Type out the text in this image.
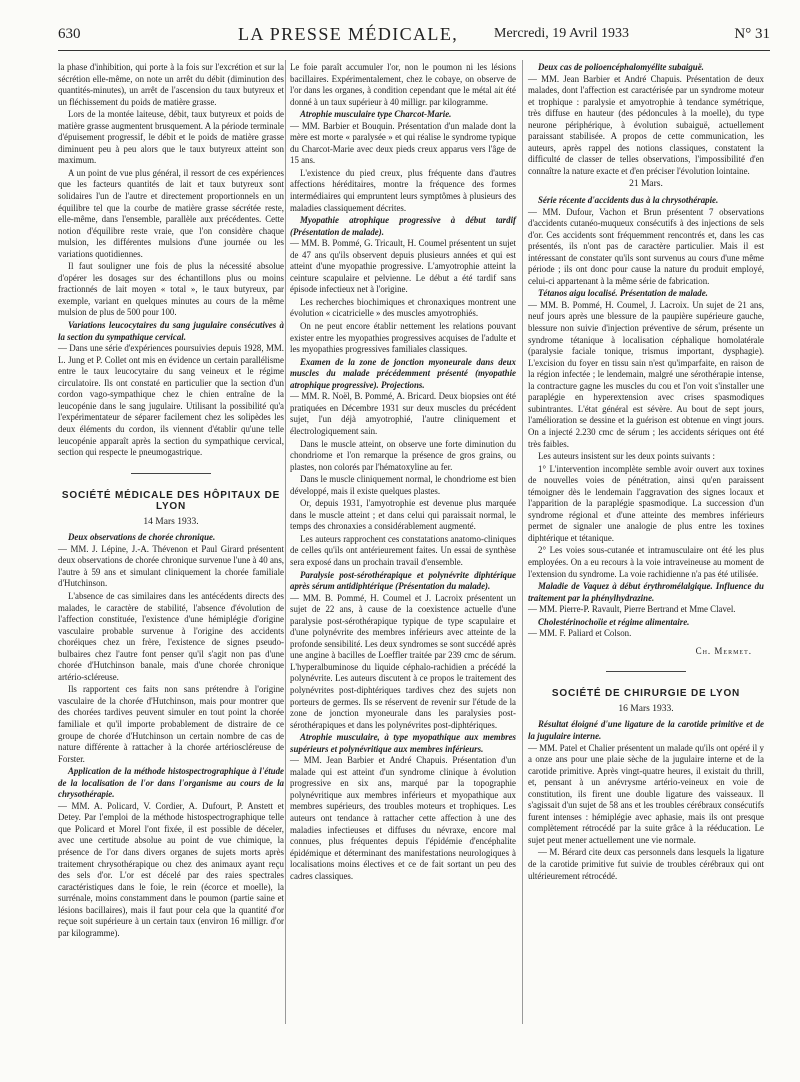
630	LA PRESSE MÉDICALE,	Mercredi, 19 Avril 1933	N° 31

la phase d'inhibition, qui porte à la fois sur l'excrétion et sur la sécrétion elle-même, on note un arrêt du débit (diminution des quantités-minutes), un arrêt de l'ascension du taux butyreux et un fléchissement du poids de matière grasse.

Lors de la montée laiteuse, débit, taux butyreux et poids de matière grasse augmentent brusquement. A la période terminale d'épuisement progressif, le débit et le poids de matière grasse diminuent peu à peu alors que le taux butyreux atteint son maximum.

A un point de vue plus général, il ressort de ces expériences que les facteurs quantités de lait et taux butyreux sont solidaires l'un de l'autre et directement proportionnels en un équilibre tel que la courbe de matière grasse sécrétée reste, elle-même, dans l'ensemble, parallèle aux précédentes. Cette notion d'équilibre reste vraie, que l'on considère chaque mulsion, les différentes mulsions d'une journée ou les variations quotidiennes.

Il faut souligner une fois de plus la nécessité absolue d'opérer les dosages sur des échantillons plus ou moins fractionnés de lait moyen « total », le taux butyreux, par exemple, variant en quelques minutes au cours de la même mulsion de plus de 500 pour 100.

Variations leucocytaires du sang jugulaire consécutives à la section du sympathique cervical.

— Dans une série d'expériences poursuivies depuis 1928, MM. L. Jung et P. Collet ont mis en évidence un certain parallélisme entre le taux leucocytaire du sang veineux et le régime circulatoire. Ils ont constaté en particulier que la section d'un cordon vago-sympathique chez le chien entraîne de la leucopénie dans le sang jugulaire. Utilisant la possibilité qu'a l'expérimentateur de séparer facilement chez les solipèdes les deux éléments du cordon, ils viennent d'établir qu'une telle leucopénie apparaît après la section du sympathique cervical, section qui respecte le pneumogastrique.

SOCIÉTÉ MÉDICALE DES HÔPITAUX DE LYON
14 Mars 1933.
Deux observations de chorée chronique.

— MM. J. Lépine, J.-A. Thévenon et Paul Girard présentent deux observations de chorée chronique survenue l'une à 40 ans, l'autre à 59 ans et simulant cliniquement la chorée familiale d'Hutchinson.

L'absence de cas similaires dans les antécédents directs des malades, le caractère de stabilité, l'absence d'évolution de l'affection constituée, l'existence d'une hémiplégie d'origine vasculaire probable survenue à l'origine des accidents choréiques chez un frère, l'existence de signes pseudo-bulbaires chez l'autre font penser qu'il s'agit non pas d'une chorée d'Hutchinson banale, mais d'une chorée chronique artério-scléreuse.

Ils rapportent ces faits non sans prétendre à l'origine vasculaire de la chorée d'Hutchinson, mais pour montrer que des chorées tardives peuvent simuler en tout point la chorée familiale et qu'il importe probablement de distraire de ce groupe de chorée d'Hutchinson un certain nombre de cas de nature différente à rattacher à la chorée artérioscléreuse de Forster.

Application de la méthode histospectrographique à l'étude de la localisation de l'or dans l'organisme au cours de la chrysothérapie.

— MM. A. Policard, V. Cordier, A. Dufourt, P. Anstett et Detey. Par l'emploi de la méthode histospectrographique telle que Policard et Morel l'ont fixée, il est possible de déceler, avec une certitude absolue au point de vue chimique, la présence de l'or dans divers organes de sujets morts après traitement chrysothérapique ou chez des animaux ayant reçu des sels d'or. L'or est décelé par des raies spectrales caractéristiques dans le foie, le rein (écorce et moelle), la surrénale, moins constamment dans le poumon (partie saine et lésions bacillaires), mais il faut pour cela que la quantité d'or reçue soit supérieure à un certain taux (environ 16 milligr. d'or par kilogramme).

Le foie paraît accumuler l'or, non le poumon ni les lésions bacillaires. Expérimentalement, chez le cobaye, on observe de l'or dans les organes, à condition cependant que le métal ait été donné à un taux supérieur à 40 milligr. par kilogramme.

Atrophie musculaire type Charcot-Marie.

— MM. Barbier et Bouquin. Présentation d'un malade dont la mère est morte « paralysée » et qui réalise le syndrome typique du Charcot-Marie avec deux pieds creux apparus vers l'âge de 15 ans.

L'existence du pied creux, plus fréquente dans d'autres affections héréditaires, montre la fréquence des formes intermédiaires qui empruntent leurs symptômes à plusieurs des maladies classiquement décrites.

Myopathie atrophique progressive à début tardif (Présentation de malade).

— MM. B. Pommé, G. Tricault, H. Coumel présentent un sujet de 47 ans qu'ils observent depuis plusieurs années et qui est atteint d'une myopathie progressive. L'amyotrophie atteint la ceinture scapulaire et pelvienne. Le début a été tardif sans épisode infectieux net à l'origine.

Les recherches biochimiques et chronaxiques montrent une évolution « cicatricielle » des muscles amyotrophiés.

On ne peut encore établir nettement les relations pouvant exister entre les myopathies progressives acquises de l'adulte et les myopathies progressives familiales classiques.

Examen de la zone de jonction myoneurale dans deux muscles du malade précédemment présenté (myopathie atrophique progressive). Projections.

— MM. R. Noël, B. Pommé, A. Bricard. Deux biopsies ont été pratiquées en Décembre 1931 sur deux muscles du précédent sujet, l'un déjà amyotrophié, l'autre cliniquement et électrologiquement sain.

Dans le muscle atteint, on observe une forte diminution du chondriome et l'on remarque la présence de gros grains, ou plastes, non colorés par l'hématoxyline au fer.

Dans le muscle cliniquement normal, le chondriome est bien développé, mais il existe quelques plastes.

Or, depuis 1931, l'amyotrophie est devenue plus marquée dans le muscle atteint ; et dans celui qui paraissait normal, le temps des chronaxies a considérablement augmenté.

Les auteurs rapprochent ces constatations anatomo-cliniques de celles qu'ils ont antérieurement faites. Un essai de synthèse sera exposé dans un prochain travail d'ensemble.

Paralysie post-sérothérapique et polynévrite diphtérique après sérum antidiphtérique (Présentation du malade).

— MM. B. Pommé, H. Coumel et J. Lacroix présentent un sujet de 22 ans, à cause de la coexistence actuelle d'une paralysie post-sérothérapique typique de type scapulaire et d'une polynévrite des membres inférieurs avec atteinte de la profonde sensibilité. Les deux syndromes se sont succédé après une angine à bacilles de Loeffler traitée par 239 cmc de sérum. L'hyperalbuminose du liquide céphalo-rachidien a précédé la polynévrite. Les auteurs discutent à ce propos le traitement des polynévrites post-diphtériques tardives chez des sujets non porteurs de germes. Ils se réservent de revenir sur l'étude de la zone de jonction myoneurale dans les paralysies post-sérothérapiques et dans les polynévrites post-diphtériques.

Atrophie musculaire, à type myopathique aux membres supérieurs et polynévritique aux membres inférieurs.

— MM. Jean Barbier et André Chapuis. Présentation d'un malade qui est atteint d'un syndrome clinique à évolution progressive en six ans, marqué par la topographie polynévritique aux membres inférieurs et myopathique aux membres supérieurs, des troubles moteurs et trophiques. Les auteurs ont tendance à rattacher cette affection à une des maladies infectieuses et diffuses du névraxe, encore mal connues, plus fréquentes depuis l'épidémie d'encéphalite épidémique et déterminant des manifestations neurologiques à localisations moins électives et ce de fait sortant un peu des cadres classiques.

Deux cas de polioencéphalomyélite subaiguë.

— MM. Jean Barbier et André Chapuis. Présentation de deux malades, dont l'affection est caractérisée par un syndrome moteur et trophique : paralysie et amyotrophie à tendance symétrique, très diffuse en hauteur (des pédoncules à la moelle), du type neurone périphérique, à évolution subaiguë, actuellement paraissant stabilisée. A propos de cette communication, les auteurs, après rappel des notions classiques, constatent la difficulté de classer de telles observations, l'impossibilité d'en connaître la nature exacte et d'en préciser l'évolution lointaine.

21 Mars.
Série récente d'accidents dus à la chrysothérapie.

— MM. Dufour, Vachon et Brun présentent 7 observations d'accidents cutanéo-muqueux consécutifs à des injections de sels d'or. Ces accidents sont fréquemment rencontrés et, dans les cas présentés, ils n'ont pas de caractère particulier. Mais il est intéressant de constater qu'ils sont survenus au cours d'une même période ; ils ont donc pour cause la nature du produit employé, celui-ci appartenant à la même série de fabrication.

Tétanos aigu localisé. Présentation de malade.

— MM. B. Pommé, H. Coumel, J. Lacroix. Un sujet de 21 ans, neuf jours après une blessure de la paupière supérieure gauche, blessure non suivie d'injection préventive de sérum, présente un syndrome tétanique à localisation céphalique homolatérale (paralysie faciale tonique, trismus important, dysphagie). L'excision du foyer en tissu sain n'est qu'imparfaite, en raison de la région infectée ; le lendemain, malgré une sérothérapie intense, la contracture gagne les muscles du cou et l'on voit s'installer une paraplégie en hyperextension avec crises spasmodiques subintrantes. L'état général est sévère. Au bout de sept jours, l'amélioration se dessine et la guérison est obtenue en vingt jours. On a injecté 2.230 cmc de sérum ; les accidents sériques ont été très faibles.

Les auteurs insistent sur les deux points suivants :

1° L'intervention incomplète semble avoir ouvert aux toxines de nouvelles voies de pénétration, ainsi qu'en paraissent témoigner dès le lendemain l'aggravation des signes locaux et l'apparition de la paraplégie spasmodique. La succession d'un syndrome régional et d'une atteinte des membres inférieurs permet de signaler une analogie de plus entre les toxines diphtérique et tétanique.

2° Les voies sous-cutanée et intramusculaire ont été les plus employées. On a eu recours à la voie intraveineuse au moment de l'extension du syndrome. La voie rachidienne n'a pas été utilisée.

Maladie de Vaquez à début érythromélalgique. Influence du traitement par la phénylhydrazine.

— MM. Pierre-P. Ravault, Pierre Bertrand et Mme Clavel.

Cholestérinochoïie et régime alimentaire.

— MM. F. Paliard et Colson.

Ch. Mermet.
SOCIÉTÉ DE CHIRURGIE DE LYON
16 Mars 1933.
Résultat éloigné d'une ligature de la carotide primitive et de la jugulaire interne.

— MM. Patel et Chalier présentent un malade qu'ils ont opéré il y a onze ans pour une plaie sèche de la jugulaire interne et de la carotide primitive. Après vingt-quatre heures, il existait du thrill, et, pensant à un anévrysme artério-veineux en voie de constitution, ils firent une double ligature des vaisseaux. Il s'agissait d'un sujet de 58 ans et les troubles cérébraux consécutifs furent intenses : hémiplégie avec aphasie, mais ils ont presque complètement rétrocédé par la suite grâce à la rééducation. Le sujet peut mener actuellement une vie normale.

— M. Bérard cite deux cas personnels dans lesquels la ligature de la carotide primitive fut suivie de troubles cérébraux qui ont ultérieurement rétrocédé.
